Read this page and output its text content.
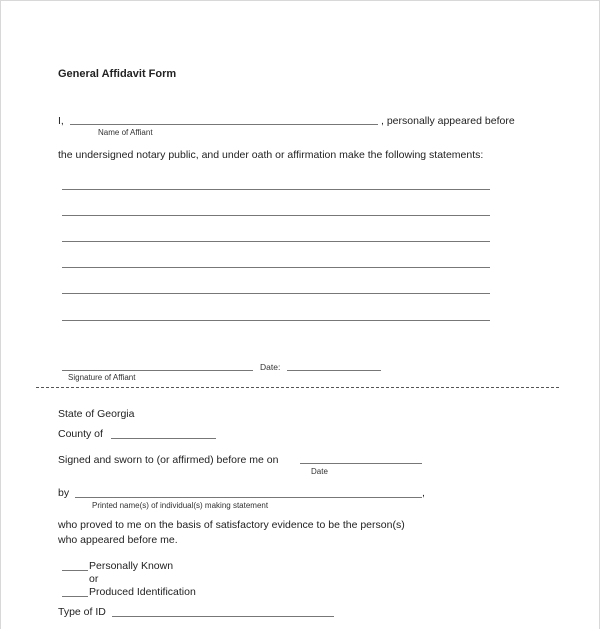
General Affidavit Form
I,	, personally appeared before
Name of Affiant
the undersigned notary public, and under oath or affirmation make the following statements:
Signature of Affiant
Date:
State of Georgia
County of
Signed and sworn to (or affirmed) before me on
Date
by	,
Printed name(s) of individual(s) making statement
who proved to me on the basis of satisfactory evidence to be the person(s)
who appeared before me.
Personally Known
or
Produced Identification
Type of ID
